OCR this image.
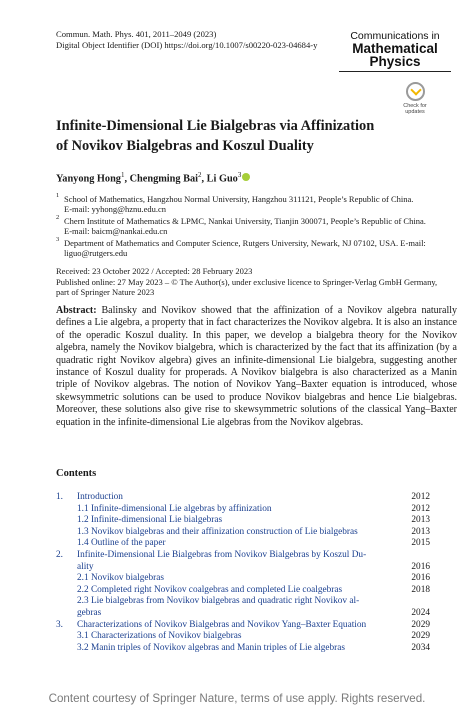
Commun. Math. Phys. 401, 2011–2049 (2023)
Digital Object Identifier (DOI) https://doi.org/10.1007/s00220-023-04684-y
Communications in
Mathematical
Physics
Check for
updates
Infinite-Dimensional Lie Bialgebras via Affinization
of Novikov Bialgebras and Koszul Duality
Yanyong Hong$^1$, Chengming Bai$^2$, Li Guo$^3$
1 School of Mathematics, Hangzhou Normal University, Hangzhou 311121, People’s Republic of China.
E-mail: yyhong@hznu.edu.cn
2 Chern Institute of Mathematics & LPMC, Nankai University, Tianjin 300071, People’s Republic of China.
E-mail: baicm@nankai.edu.cn
3 Department of Mathematics and Computer Science, Rutgers University, Newark, NJ 07102, USA. E-mail:
liguo@rutgers.edu
Received: 23 October 2022 / Accepted: 28 February 2023
Published online: 27 May 2023 – © The Author(s), under exclusive licence to Springer-Verlag GmbH Germany,
part of Springer Nature 2023
Abstract: Balinsky and Novikov showed that the affinization of a Novikov algebra naturally defines a Lie algebra, a property that in fact characterizes the Novikov algebra. It is also an instance of the operadic Koszul duality. In this paper, we develop a bialgebra theory for the Novikov algebra, namely the Novikov bialgebra, which is characterized by the fact that its affinization (by a quadratic right Novikov algebra) gives an infinite-dimensional Lie bialgebra, suggesting another instance of Koszul duality for properads. A Novikov bialgebra is also characterized as a Manin triple of Novikov algebras. The notion of Novikov Yang–Baxter equation is introduced, whose skewsymmetric solutions can be used to produce Novikov bialgebras and hence Lie bialgebras. Moreover, these solutions also give rise to skewsymmetric solutions of the classical Yang–Baxter equation in the infinite-dimensional Lie algebras from the Novikov algebras.
Contents
1. Introduction	2012
1.1 Infinite-dimensional Lie algebras by affinization	2012
1.2 Infinite-dimensional Lie bialgebras	2013
1.3 Novikov bialgebras and their affinization construction of Lie bialgebras	2013
1.4 Outline of the paper	2015
2. Infinite-Dimensional Lie Bialgebras from Novikov Bialgebras by Koszul Du-
ality	2016
2.1 Novikov bialgebras	2016
2.2 Completed right Novikov coalgebras and completed Lie coalgebras	2018
2.3 Lie bialgebras from Novikov bialgebras and quadratic right Novikov al-
gebras	2024
3. Characterizations of Novikov Bialgebras and Novikov Yang–Baxter Equation	2029
3.1 Characterizations of Novikov bialgebras	2029
3.2 Manin triples of Novikov algebras and Manin triples of Lie algebras	2034
Content courtesy of Springer Nature, terms of use apply. Rights reserved.
